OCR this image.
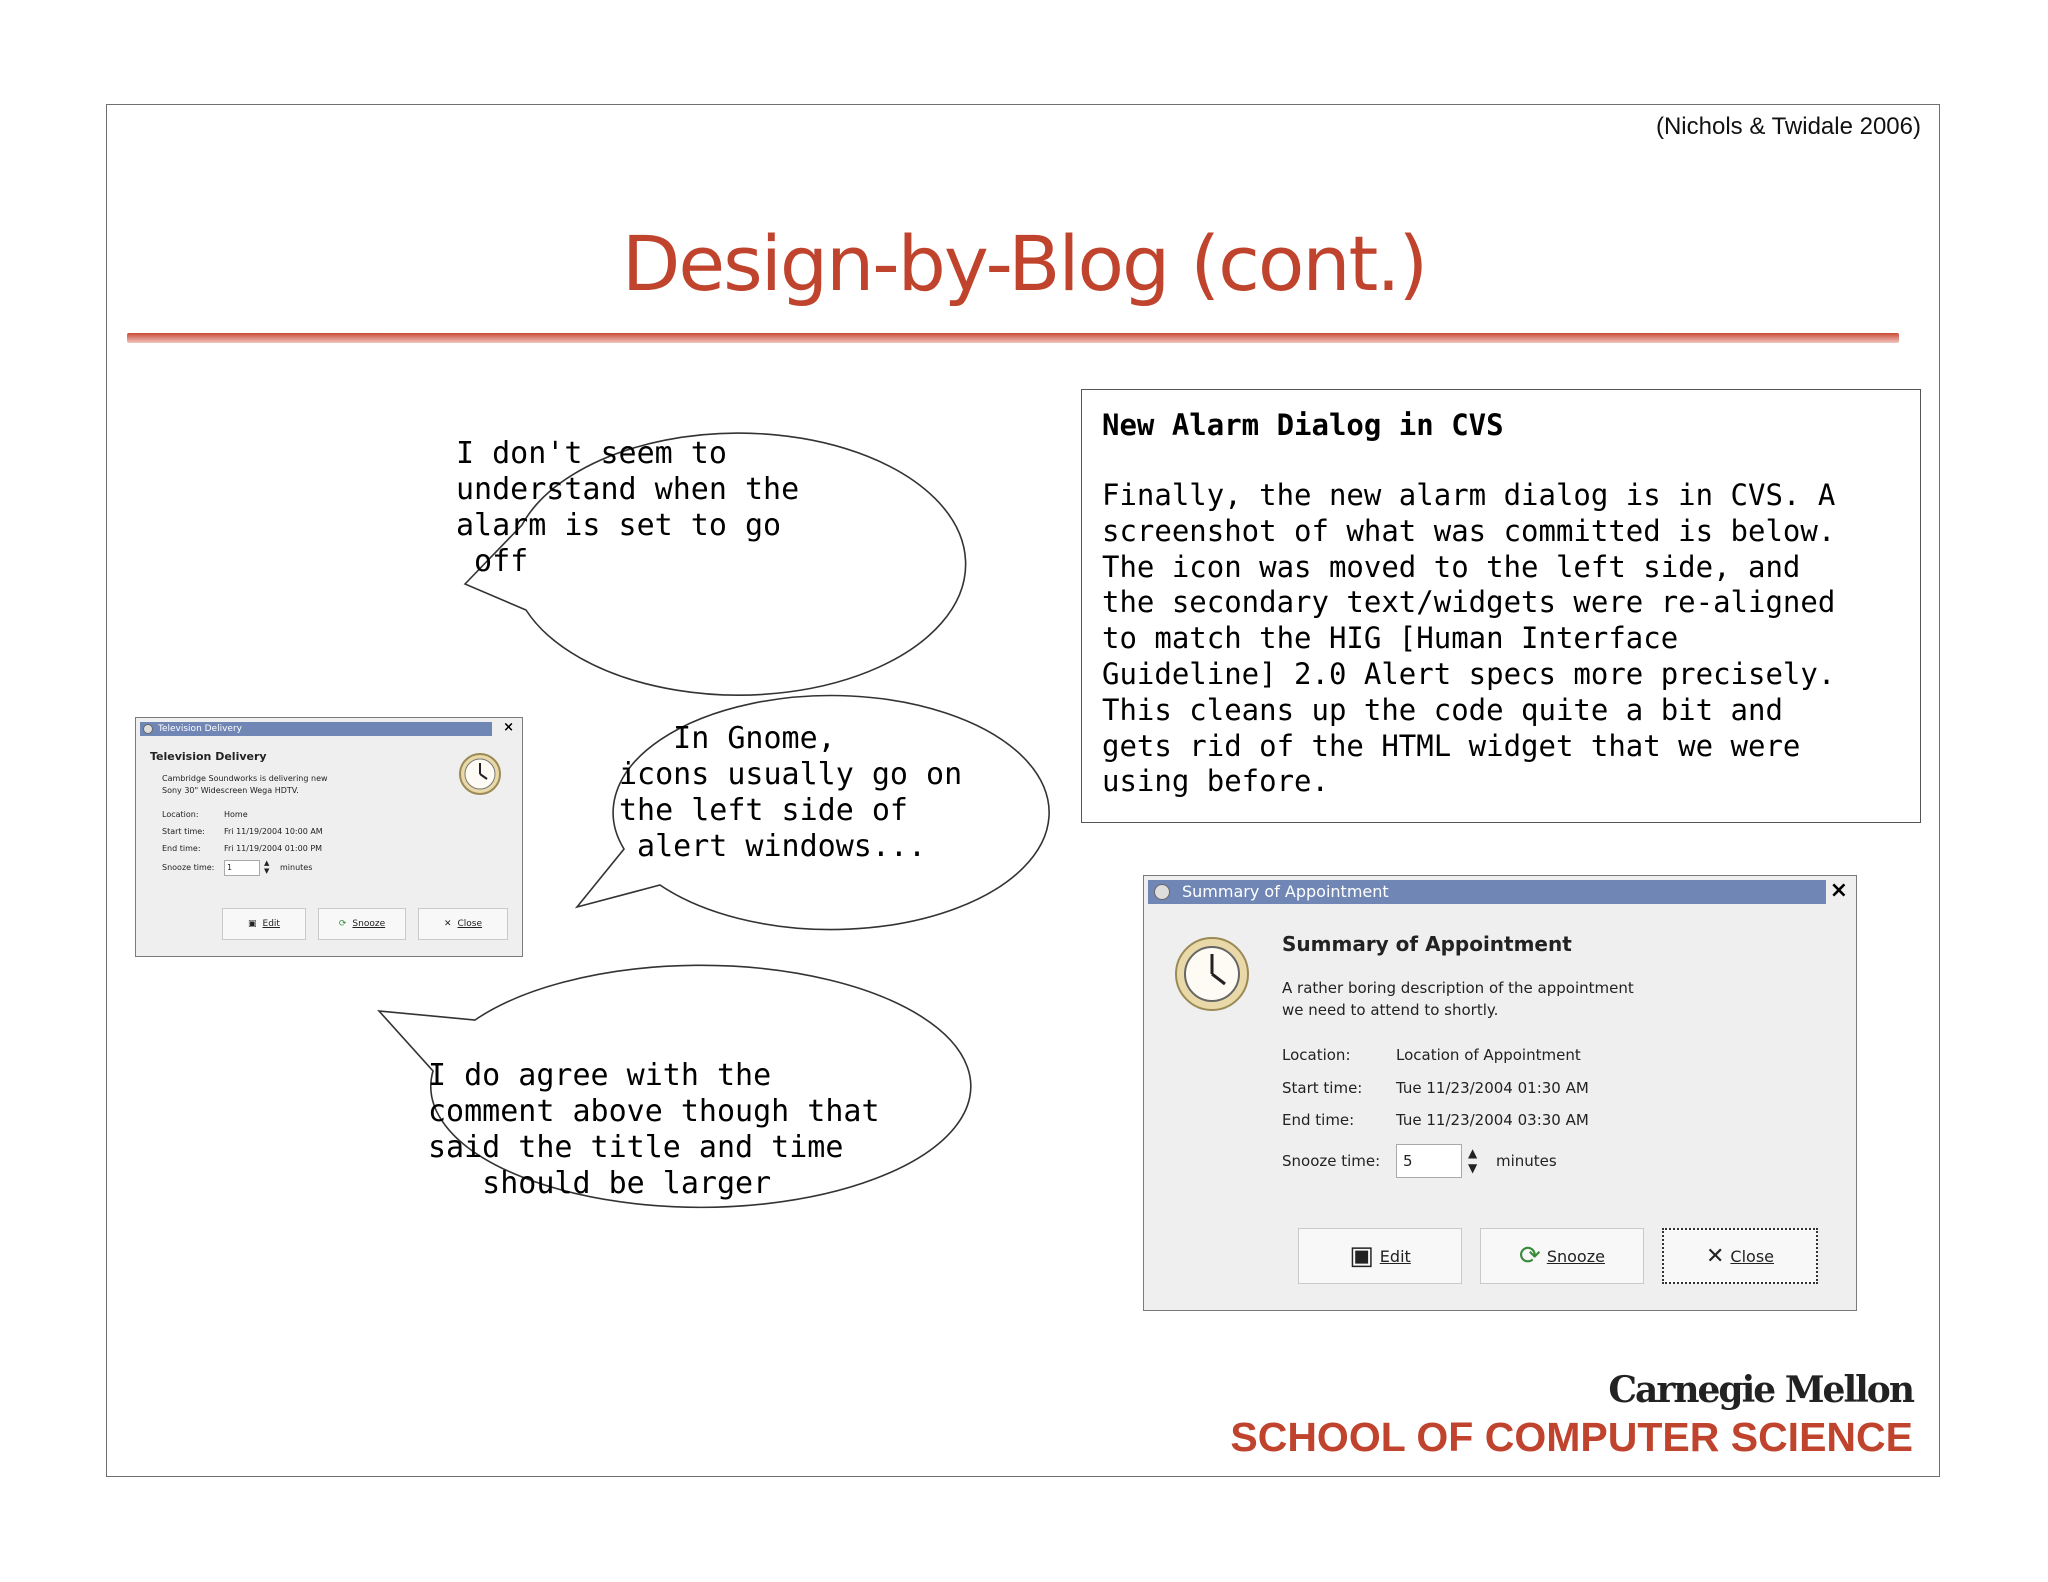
(Nichols & Twidale 2006)
Design-by-Blog (cont.)
I don't seem to
understand when the
alarm is set to go
off
In Gnome,
icons usually go on
the left side of
alert windows...
I do agree with the
comment above though that
said the title and time
should be larger
New Alarm Dialog in CVS
Finally, the new alarm dialog is in CVS. A
screenshot of what was committed is below.
The icon was moved to the left side, and
the secondary text/widgets were re-aligned
to match the HIG [Human Interface
Guideline] 2.0 Alert specs more precisely.
This cleans up the code quite a bit and
gets rid of the HTML widget that we were
using before.
Television Delivery	×
Television Delivery
Cambridge Soundworks is delivering new
Sony 30" Widescreen Wega HDTV.
Location:	Home
Start time: Fri 11/19/2004 10:00 AM
End time:	Fri 11/19/2004 01:00 PM
Snooze time:	1	▲
▼ minutes
▣ Edit	⟳ Snooze	✕ Close
Summary of Appointment	×
Summary of Appointment
A rather boring description of the appointment
we need to attend to shortly.
Location:	Location of Appointment
Start time: Tue 11/23/2004 01:30 AM
End time:	Tue 11/23/2004 03:30 AM
Snooze time:	5	▲
▼ minutes
▣ Edit	⟳ Snooze	✕ Close
Carnegie Mellon
SCHOOL OF COMPUTER SCIENCE
